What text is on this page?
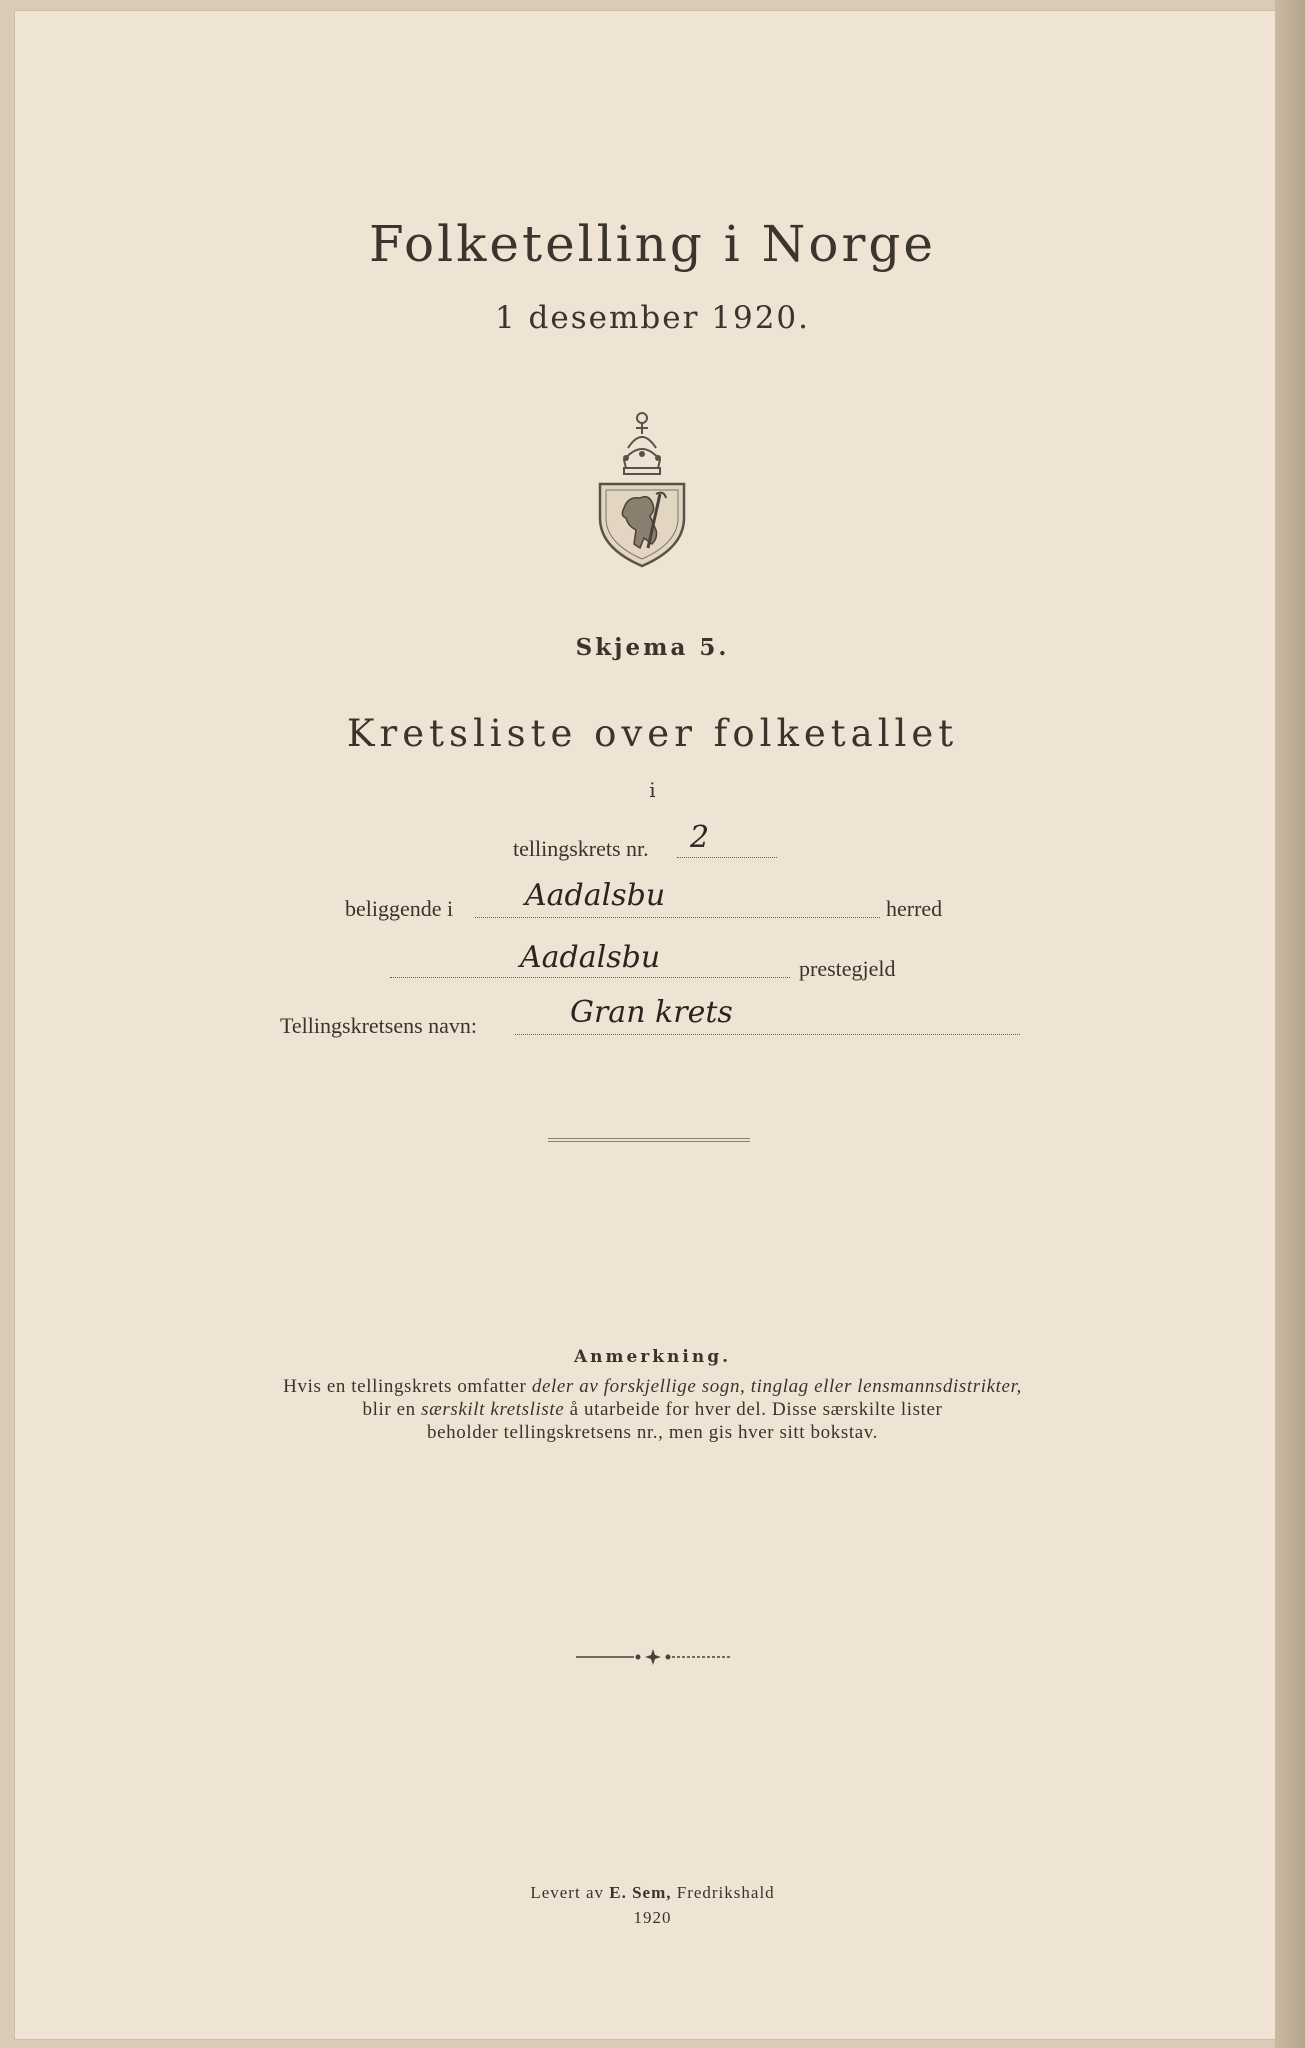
Folketelling i Norge
1 desember 1920.
Skjema 5.
Kretsliste over folketallet
i
tellingskrets nr. 2
beliggende i Aadalsbu	herred
Aadalsbu	prestegjeld
Tellingskretsens navn:	Gran krets
Anmerkning.
Hvis en tellingskrets omfatter deler av forskjellige sogn, tinglag eller lensmannsdistrikter,
blir en særskilt kretsliste å utarbeide for hver del. Disse særskilte lister
beholder tellingskretsens nr., men gis hver sitt bokstav.
Levert av E. Sem, Fredrikshald
1920
